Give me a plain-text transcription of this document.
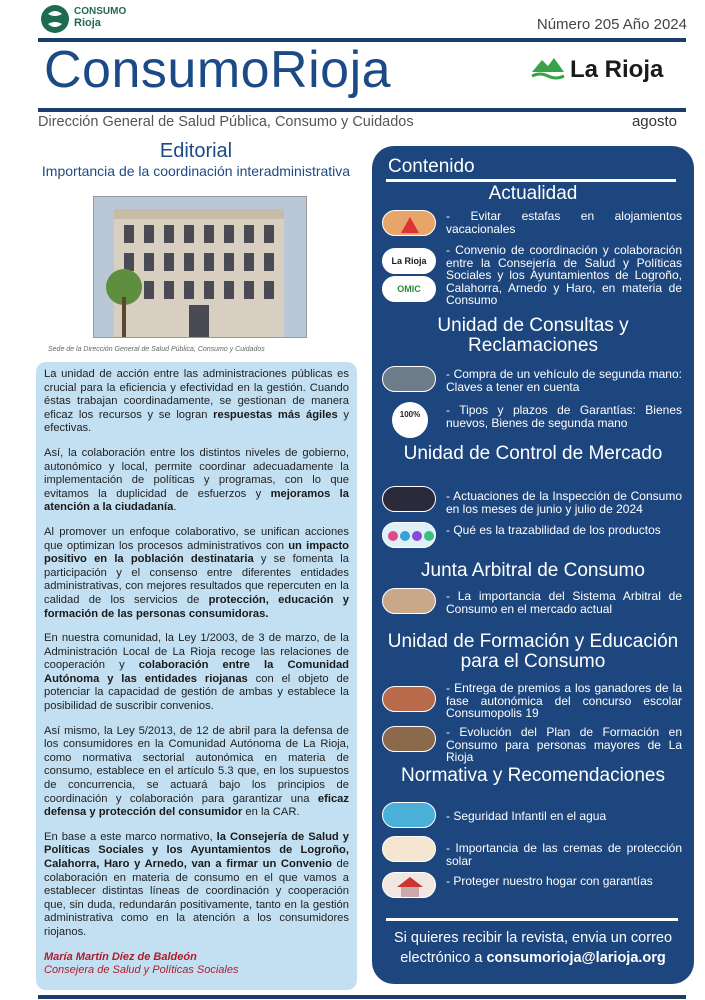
CONSUMO
Rioja	Número 205 Año 2024
ConsumoRioja	La Rioja
Dirección General de Salud Pública, Consumo y Cuidados	agosto
Editorial
Importancia de la coordinación interadministrativa
Sede de la Dirección General de Salud Pública, Consumo y Cuidados

La unidad de acción entre las administraciones públicas es crucial para la eficiencia y efectividad en la gestión. Cuando éstas trabajan coordinadamente, se gestionan de manera eficaz los recursos y se logran respuestas más ágiles y efectivas.

Así, la colaboración entre los distintos niveles de gobierno, autonómico y local, permite coordinar adecuadamente la implementación de políticas y programas, con lo que evitamos la duplicidad de esfuerzos y mejoramos la atención a la ciudadanía.

Al promover un enfoque colaborativo, se unifican acciones que optimizan los procesos administrativos con un impacto positivo en la población destinataria y se fomenta la participación y el consenso entre diferentes entidades administrativas, con mejores resultados que repercuten en la calidad de los servicios de protección, educación y formación de las personas consumidoras.

En nuestra comunidad, la Ley 1/2003, de 3 de marzo, de la Administración Local de La Rioja recoge las relaciones de cooperación y colaboración entre la Comunidad Autónoma y las entidades riojanas con el objeto de potenciar la capacidad de gestión de ambas y establece la posibilidad de suscribir convenios.

Así mismo, la Ley 5/2013, de 12 de abril para la defensa de los consumidores en la Comunidad Autónoma de La Rioja, como normativa sectorial autonómica en materia de consumo, establece en el artículo 5.3 que, en los supuestos de concurrencia, se actuará bajo los principios de coordinación y colaboración para garantizar una eficaz defensa y protección del consumidor en la CAR.

En base a este marco normativo, la Consejería de Salud y Políticas Sociales y los Ayuntamientos de Logroño, Calahorra, Haro y Arnedo, van a firmar un Convenio de colaboración en materia de consumo en el que vamos a establecer distintas líneas de coordinación y cooperación que, sin duda, redundarán positivamente, tanto en la gestión administrativa como en la atención a los consumidores riojanos.

María Martín Díez de Baldeón
Consejera de Salud y Políticas Sociales
Contenido
Actualidad
- Evitar estafas en alojamientos vacacionales
La Rioja
OMIC
- Convenio de coordinación y colaboración entre la Consejería de Salud y Políticas Sociales y los Ayuntamientos de Logroño, Calahorra, Arnedo y Haro, en materia de Consumo
Unidad de Consultas y Reclamaciones
- Compra de un vehículo de segunda mano: Claves a tener en cuenta
100%	- Tipos y plazos de Garantías: Bienes nuevos, Bienes de segunda mano
Unidad de Control de Mercado
- Actuaciones de la Inspección de Consumo en los meses de junio y julio de 2024
- Qué es la trazabilidad de los productos
Junta Arbitral de Consumo
- La importancia del Sistema Arbitral de Consumo en el mercado actual
Unidad de Formación y Educación para el Consumo
- Entrega de premios a los ganadores de la fase autonómica del concurso escolar Consumopolis 19
- Evolución del Plan de Formación en Consumo para personas mayores de La Rioja
Normativa y Recomendaciones
- Seguridad Infantil en el agua
- Importancia de las cremas de protección solar
- Proteger nuestro hogar con garantías
Si quieres recibir la revista, envia un correo electrónico a consumorioja@larioja.org
